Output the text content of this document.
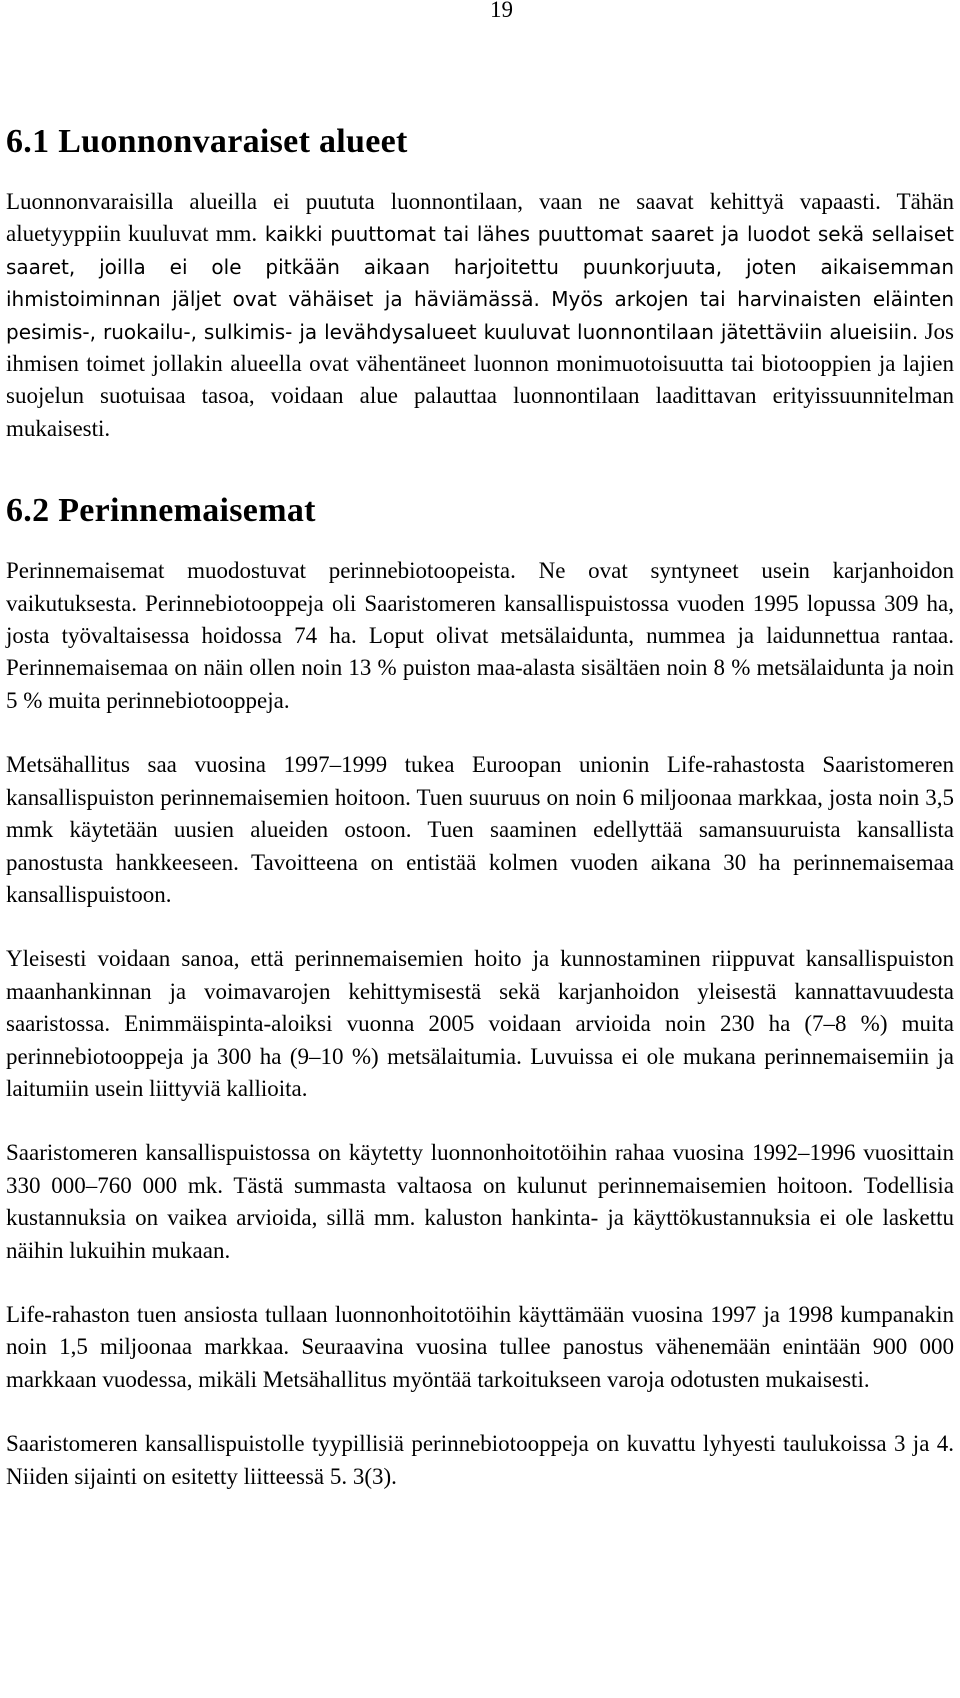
19
6.1 Luonnonvaraiset alueet

Luonnonvaraisilla alueilla ei puututa luonnontilaan, vaan ne saavat kehittyä vapaasti. Tähän aluetyyppiin kuuluvat mm. kaikki puuttomat tai lähes puuttomat saaret ja luodot sekä sellaiset saaret, joilla ei ole pitkään aikaan harjoitettu puunkorjuuta, joten aikaisemman ihmistoiminnan jäljet ovat vähäiset ja häviämässä. Myös arkojen tai harvinaisten eläinten pesimis-, ruokailu-, sulkimis- ja levähdysalueet kuuluvat luonnontilaan jätettäviin alueisiin. Jos ihmisen toimet jollakin alueella ovat vähentäneet luonnon monimuotoisuutta tai biotooppien ja lajien suojelun suotuisaa tasoa, voidaan alue palauttaa luonnontilaan laadittavan erityissuunnitelman mukaisesti.

6.2 Perinnemaisemat

Perinnemaisemat muodostuvat perinnebiotoopeista. Ne ovat syntyneet usein karjanhoidon vaikutuksesta. Perinnebiotooppeja oli Saaristomeren kansallispuistossa vuoden 1995 lopussa 309 ha, josta työvaltaisessa hoidossa 74 ha. Loput olivat metsälaidunta, nummea ja laidunnettua rantaa. Perinnemaisemaa on näin ollen noin 13 % puiston maa-alasta sisältäen noin 8 % metsälaidunta ja noin 5 % muita perinnebiotooppeja.

Metsähallitus saa vuosina 1997–1999 tukea Euroopan unionin Life-rahastosta Saaristomeren kansallispuiston perinnemaisemien hoitoon. Tuen suuruus on noin 6 miljoonaa markkaa, josta noin 3,5 mmk käytetään uusien alueiden ostoon. Tuen saaminen edellyttää samansuuruista kansallista panostusta hankkeeseen. Tavoitteena on entistää kolmen vuoden aikana 30 ha perinnemaisemaa kansallispuistoon.

Yleisesti voidaan sanoa, että perinnemaisemien hoito ja kunnostaminen riippuvat kansallispuiston maanhankinnan ja voimavarojen kehittymisestä sekä karjanhoidon yleisestä kannattavuudesta saaristossa. Enimmäispinta-aloiksi vuonna 2005 voidaan arvioida noin 230 ha (7–8 %) muita perinnebiotooppeja ja 300 ha (9–10 %) metsälaitumia. Luvuissa ei ole mukana perinnemaisemiin ja laitumiin usein liittyviä kallioita.

Saaristomeren kansallispuistossa on käytetty luonnonhoitotöihin rahaa vuosina 1992–1996 vuosittain 330 000–760 000 mk. Tästä summasta valtaosa on kulunut perinnemaisemien hoitoon. Todellisia kustannuksia on vaikea arvioida, sillä mm. kaluston hankinta- ja käyttökustannuksia ei ole laskettu näihin lukuihin mukaan.

Life-rahaston tuen ansiosta tullaan luonnonhoitotöihin käyttämään vuosina 1997 ja 1998 kumpanakin noin 1,5 miljoonaa markkaa. Seuraavina vuosina tullee panostus vähenemään enintään 900 000 markkaan vuodessa, mikäli Metsähallitus myöntää tarkoitukseen varoja odotusten mukaisesti.

Saaristomeren kansallispuistolle tyypillisiä perinnebiotooppeja on kuvattu lyhyesti taulukoissa 3 ja 4. Niiden sijainti on esitetty liitteessä 5. 3(3).
